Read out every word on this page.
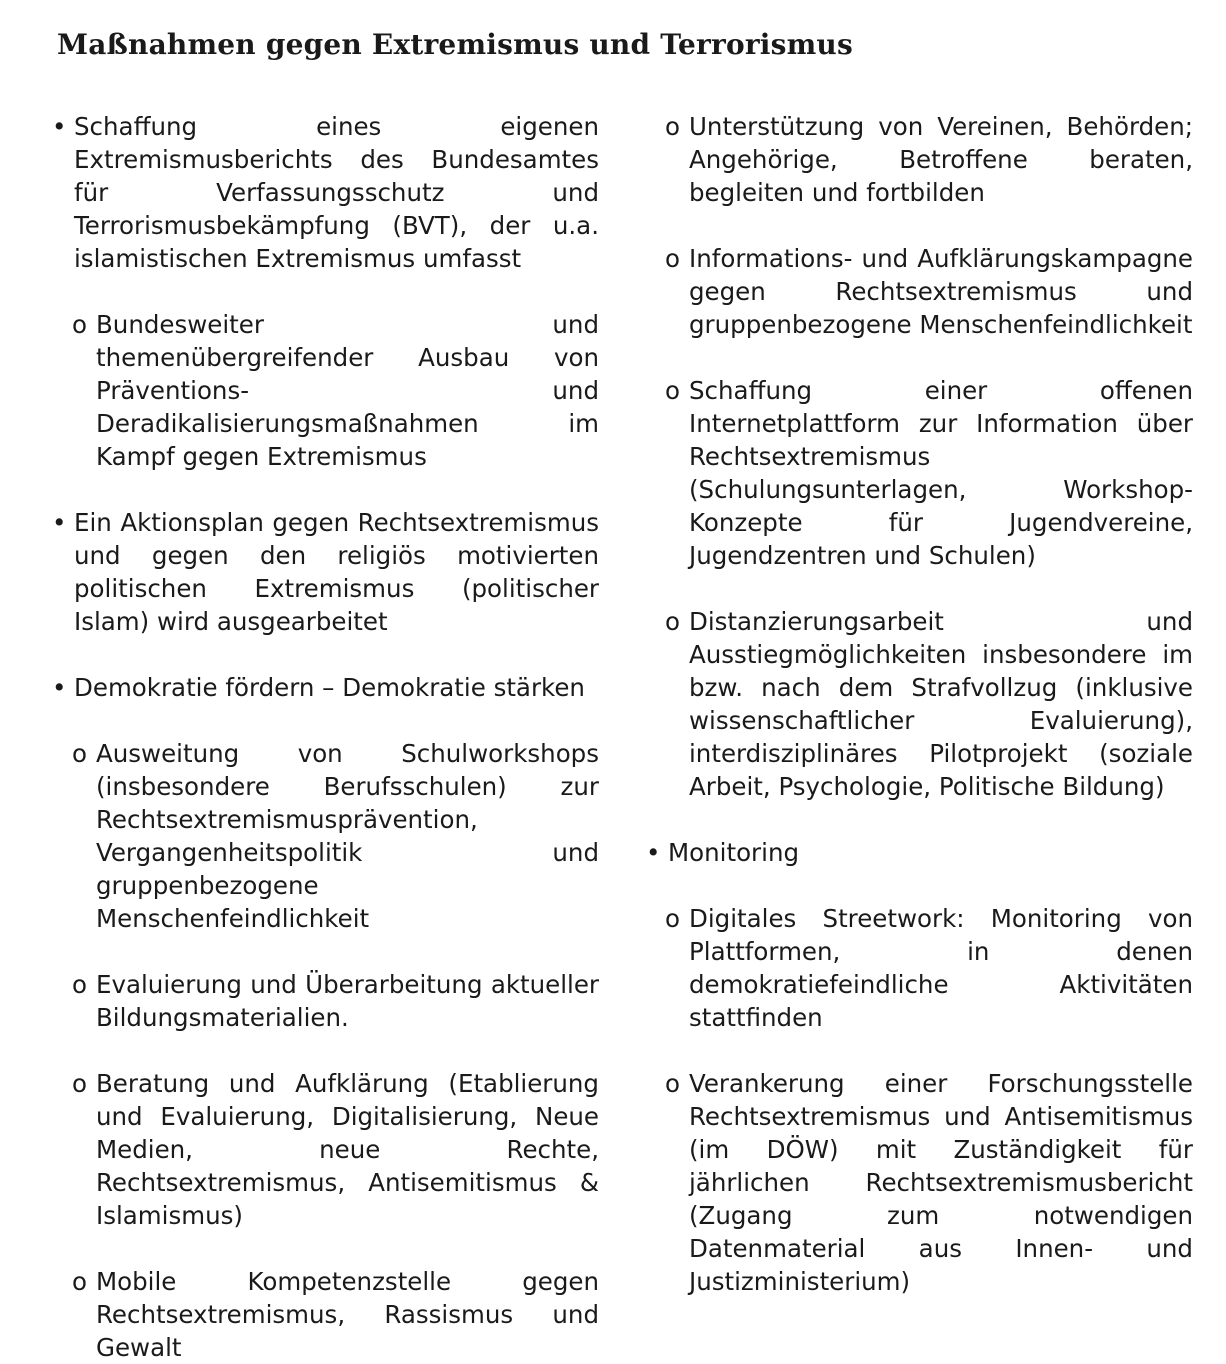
Maßnahmen gegen Extremismus und Terrorismus
• Schaffung eines eigenen Extremismusberichts des Bundesamtes für Verfassungsschutz und Terrorismusbekämpfung (BVT), der u.a. islamistischen Extremismus umfasst
o Bundesweiter und themenübergreifender Ausbau von Präventions- und Deradikalisierungsmaßnahmen im Kampf gegen Extremismus
• Ein Aktionsplan gegen Rechtsextremismus und gegen den religiös motivierten politischen Extremismus (politischer Islam) wird ausgearbeitet
• Demokratie fördern – Demokratie stärken
o Ausweitung von Schulworkshops (insbesondere Berufsschulen) zur Rechtsextremismusprävention, Vergangenheitspolitik und gruppenbezogene Menschenfeindlichkeit
o Evaluierung und Überarbeitung aktueller Bildungsmaterialien.
o Beratung und Aufklärung (Etablierung und Evaluierung, Digitalisierung, Neue Medien, neue Rechte, Rechtsextremismus, Antisemitismus & Islamismus)
o Mobile Kompetenzstelle gegen Rechtsextremismus, Rassismus und Gewalt
o Unterstützung von Vereinen, Behörden; Angehörige, Betroffene beraten, begleiten und fortbilden
o Informations- und Aufklärungskampagne gegen Rechtsextremismus und gruppenbezogene Menschenfeindlichkeit
o Schaffung einer offenen Internetplattform zur Information über Rechtsextremismus (Schulungsunterlagen, Workshop-Konzepte für Jugendvereine, Jugendzentren und Schulen)
o Distanzierungsarbeit und Ausstiegmöglichkeiten insbesondere im bzw. nach dem Strafvollzug (inklusive wissenschaftlicher Evaluierung), interdisziplinäres Pilotprojekt (soziale Arbeit, Psychologie, Politische Bildung)
• Monitoring
o Digitales Streetwork: Monitoring von Plattformen, in denen demokratiefeindliche Aktivitäten stattfinden
o Verankerung einer Forschungsstelle Rechtsextremismus und Antisemitismus (im DÖW) mit Zuständigkeit für jährlichen Rechtsextremismusbericht (Zugang zum notwendigen Datenmaterial aus Innen- und Justizministerium)
